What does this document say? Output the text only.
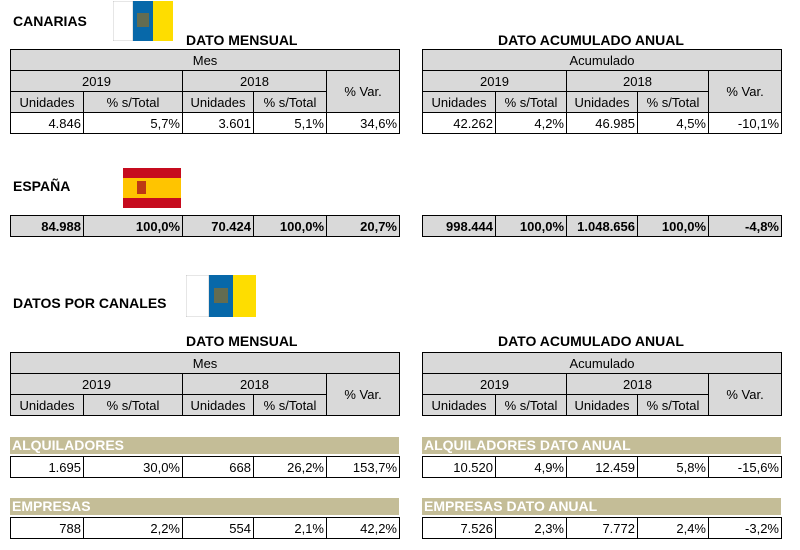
CANARIAS
DATO MENSUAL	DATO ACUMULADO ANUAL
Mes				
2019		2018		% Var.
Unidades	% s/Total	Unidades	% s/Total	
4.846	5,7%	3.601	5,1%	34,6%
Acumulado				
2019		2018		% Var.
Unidades	% s/Total	Unidades	% s/Total	
42.262	4,2%	46.985	4,5%	-10,1%
ESPAÑA
84.988	100,0%	70.424	100,0%	20,7%	998.444	100,0%	1.048.656	100,0%	-4,8%
DATOS POR CANALES
DATO MENSUAL	DATO ACUMULADO ANUAL
Mes				
2019		2018		% Var.
Unidades	% s/Total	Unidades	% s/Total	
Acumulado				
2019		2018		% Var.
Unidades	% s/Total	Unidades	% s/Total	
ALQUILADORES	ALQUILADORES DATO ANUAL
1.695	30,0%	668	26,2%	153,7%	10.520	4,9%	12.459	5,8%	-15,6%
EMPRESAS	EMPRESAS DATO ANUAL
788	2,2%	554	2,1%	42,2%	7.526	2,3%	7.772	2,4%	-3,2%
